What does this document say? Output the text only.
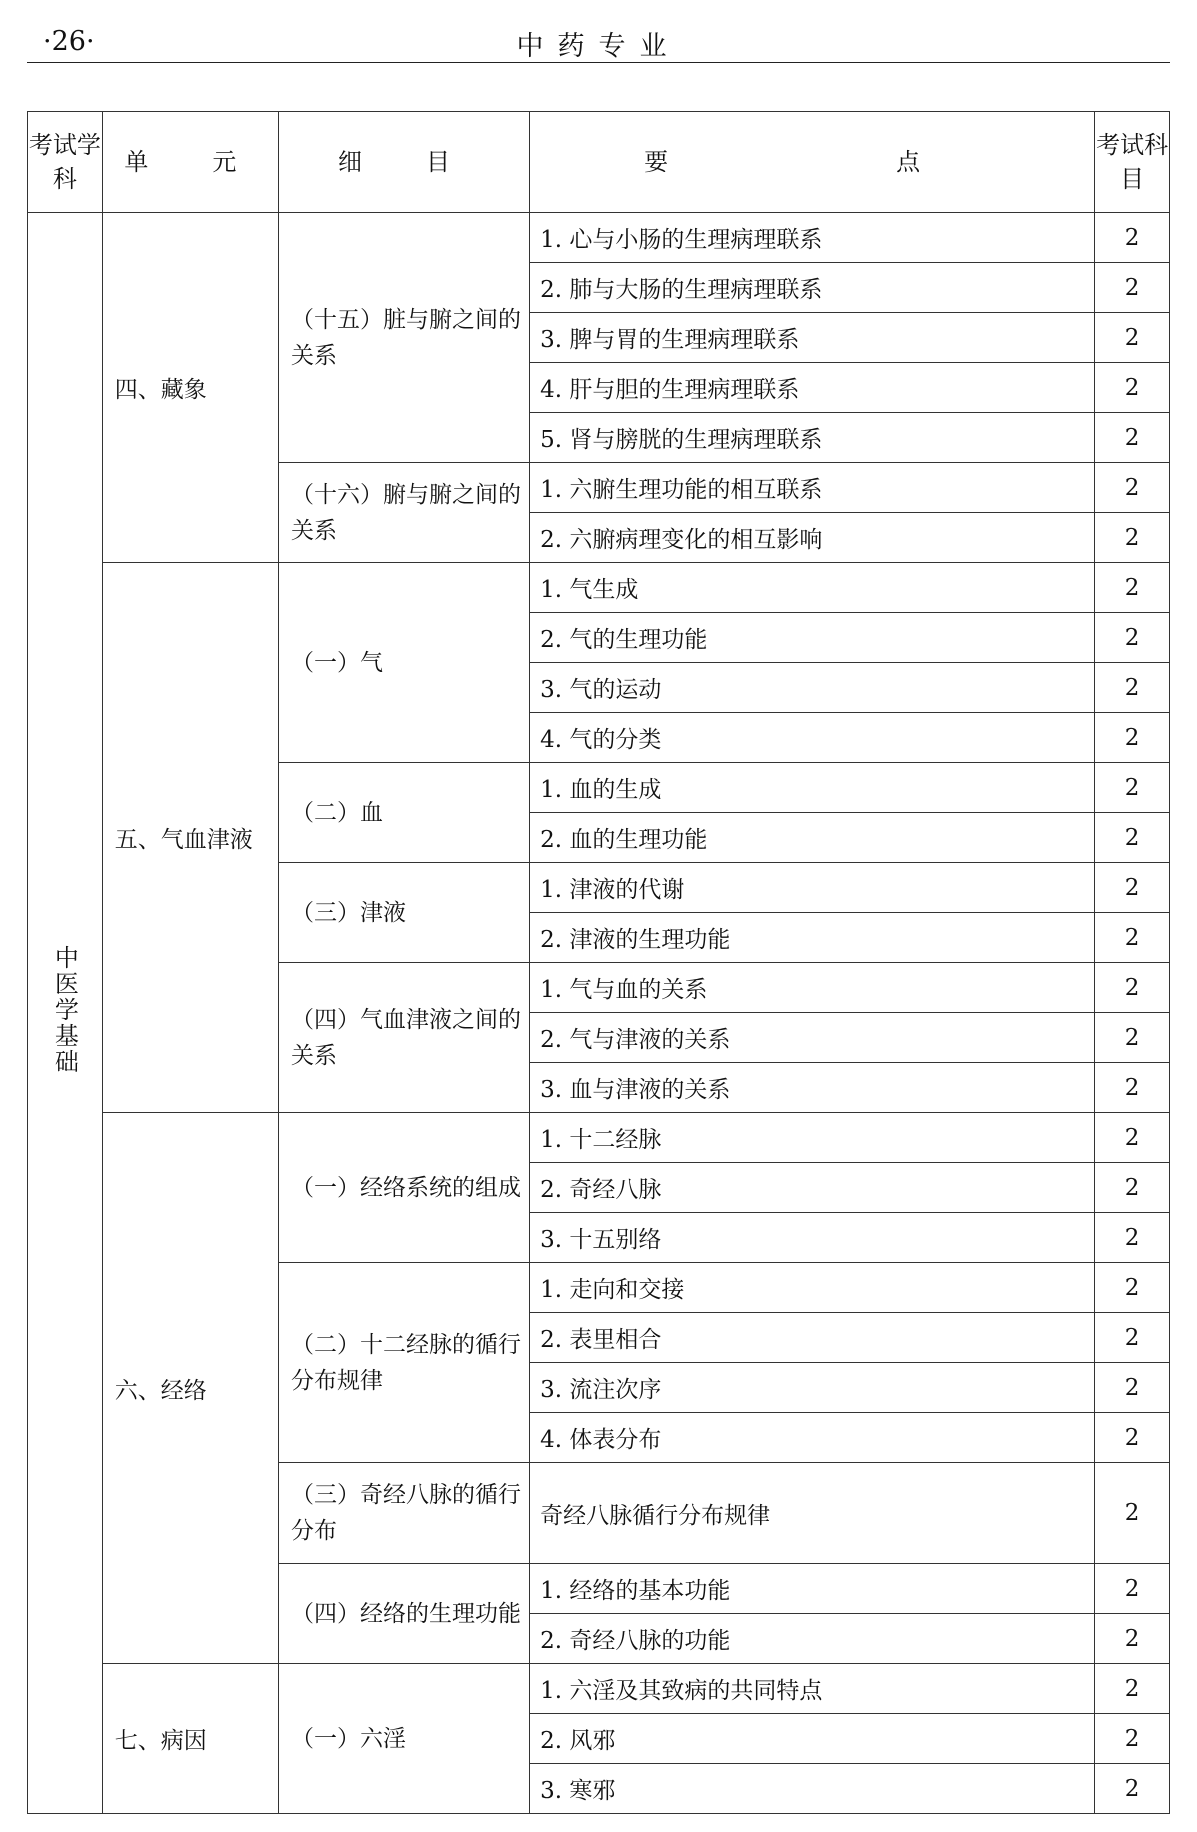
·26·	中药专业
考试学科	单　元	细　目	要　　点	考试科目
中医学基础	四、藏象	（十五）脏与腑之间的关系	1. 心与小肠的生理病理联系	2
			2. 肺与大肠的生理病理联系	2
			3. 脾与胃的生理病理联系	2
			4. 肝与胆的生理病理联系	2
			5. 肾与膀胱的生理病理联系	2
		（十六）腑与腑之间的关系	1. 六腑生理功能的相互联系	2
			2. 六腑病理变化的相互影响	2
	五、气血津液	（一）气	1. 气生成	2
			2. 气的生理功能	2
			3. 气的运动	2
			4. 气的分类	2
		（二）血	1. 血的生成	2
			2. 血的生理功能	2
		（三）津液	1. 津液的代谢	2
			2. 津液的生理功能	2
		（四）气血津液之间的关系	1. 气与血的关系	2
			2. 气与津液的关系	2
			3. 血与津液的关系	2
	六、经络	（一）经络系统的组成	1. 十二经脉	2
			2. 奇经八脉	2
			3. 十五别络	2
		（二）十二经脉的循行分布规律	1. 走向和交接	2
			2. 表里相合	2
			3. 流注次序	2
			4. 体表分布	2
		（三）奇经八脉的循行分布	奇经八脉循行分布规律	2
		（四）经络的生理功能	1. 经络的基本功能	2
			2. 奇经八脉的功能	2
	七、病因	（一）六淫	1. 六淫及其致病的共同特点	2
			2. 风邪	2
			3. 寒邪	2
